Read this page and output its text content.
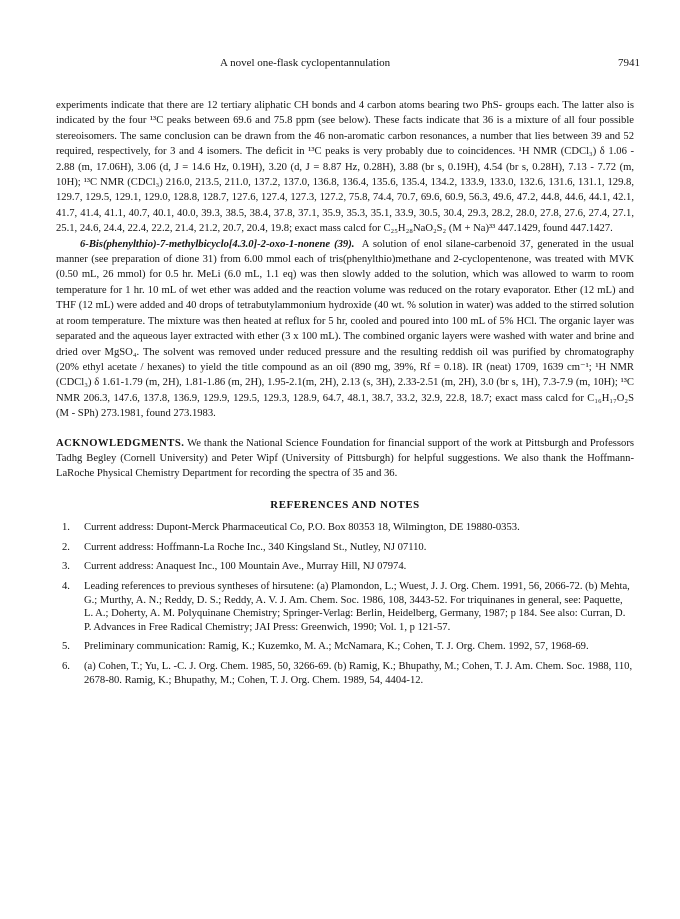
A novel one-flask cyclopentannulation	7941

experiments indicate that there are 12 tertiary aliphatic CH bonds and 4 carbon atoms bearing two PhS- groups each. The latter also is indicated by the four ¹³C peaks between 69.6 and 75.8 ppm (see below). These facts indicate that 36 is a mixture of all four possible stereoisomers. The same conclusion can be drawn from the 46 non-aromatic carbon resonances, a number that lies between 39 and 52 required, respectively, for 3 and 4 isomers. The deficit in ¹³C peaks is very probably due to coincidences. ¹H NMR (CDCl₃) δ 1.06 - 2.88 (m, 17.06H), 3.06 (d, J = 14.6 Hz, 0.19H), 3.20 (d, J = 8.87 Hz, 0.28H), 3.88 (br s, 0.19H), 4.54 (br s, 0.28H), 7.13 - 7.72 (m, 10H); ¹³C NMR (CDCl₃) 216.0, 213.5, 211.0, 137.2, 137.0, 136.8, 136.4, 135.6, 135.4, 134.2, 133.9, 133.0, 132.6, 131.6, 131.1, 129.8, 129.7, 129.5, 129.1, 129.0, 128.8, 128.7, 127.6, 127.4, 127.3, 127.2, 75.8, 74.4, 70.7, 69.6, 60.9, 56.3, 49.6, 47.2, 44.8, 44.6, 44.1, 42.1, 41.7, 41.4, 41.1, 40.7, 40.1, 40.0, 39.3, 38.5, 38.4, 37.8, 37.1, 35.9, 35.3, 35.1, 33.9, 30.5, 30.4, 29.3, 28.2, 28.0, 27.8, 27.6, 27.4, 27.1, 25.1, 24.6, 24.4, 22.4, 22.2, 21.4, 21.2, 20.7, 20.4, 19.8; exact mass calcd for C₂₅H₂₈NaO₂S₂ (M + Na)³³ 447.1429, found 447.1427.

6-Bis(phenylthio)-7-methylbicyclo[4.3.0]-2-oxo-1-nonene (39). A solution of enol silane-carbenoid 37, generated in the usual manner (see preparation of dione 31) from 6.00 mmol each of tris(phenylthio)methane and 2-cyclopentenone, was treated with MVK (0.50 mL, 26 mmol) for 0.5 hr. MeLi (6.0 mL, 1.1 eq) was then slowly added to the solution, which was allowed to warm to room temperature for 1 hr. 10 mL of wet ether was added and the reaction volume was reduced on the rotary evaporator. Ether (12 mL) and THF (12 mL) were added and 40 drops of tetrabutylammonium hydroxide (40 wt. % solution in water) was added to the stirred solution at room temperature. The mixture was then heated at reflux for 5 hr, cooled and poured into 100 mL of 5% HCl. The organic layer was separated and the aqueous layer extracted with ether (3 x 100 mL). The combined organic layers were washed with water and brine and dried over MgSO₄. The solvent was removed under reduced pressure and the resulting reddish oil was purified by chromatography (20% ethyl acetate / hexanes) to yield the title compound as an oil (890 mg, 39%, Rf = 0.18). IR (neat) 1709, 1639 cm⁻¹; ¹H NMR (CDCl₃) δ 1.61-1.79 (m, 2H), 1.81-1.86 (m, 2H), 1.95-2.1(m, 2H), 2.13 (s, 3H), 2.33-2.51 (m, 2H), 3.0 (br s, 1H), 7.3-7.9 (m, 10H); ¹³C NMR 206.3, 147.6, 137.8, 136.9, 129.9, 129.5, 129.3, 128.9, 64.7, 48.1, 38.7, 33.2, 32.9, 22.8, 18.7; exact mass calcd for C₁₆H₁₇O₂S (M - SPh) 273.1981, found 273.1983.

ACKNOWLEDGMENTS. We thank the National Science Foundation for financial support of the work at Pittsburgh and Professors Tadhg Begley (Cornell University) and Peter Wipf (University of Pittsburgh) for helpful suggestions. We also thank the Hoffmann-LaRoche Physical Chemistry Department for recording the spectra of 35 and 36.

REFERENCES AND NOTES
1. Current address: Dupont-Merck Pharmaceutical Co, P.O. Box 80353 18, Wilmington, DE 19880-0353.
2. Current address: Hoffmann-La Roche Inc., 340 Kingsland St., Nutley, NJ 07110.
3. Current address: Anaquest Inc., 100 Mountain Ave., Murray Hill, NJ 07974.
4. Leading references to previous syntheses of hirsutene: (a) Plamondon, L.; Wuest, J. J. Org. Chem. 1991, 56, 2066-72. (b) Mehta, G.; Murthy, A. N.; Reddy, D. S.; Reddy, A. V. J. Am. Chem. Soc. 1986, 108, 3443-52. For triquinanes in general, see: Paquette, L. A.; Doherty, A. M. Polyquinane Chemistry; Springer-Verlag: Berlin, Heidelberg, Germany, 1987; p 184. See also: Curran, D. P. Advances in Free Radical Chemistry; JAI Press: Greenwich, 1990; Vol. 1, p 121-57.
5. Preliminary communication: Ramig, K.; Kuzemko, M. A.; McNamara, K.; Cohen, T. J. Org. Chem. 1992, 57, 1968-69.
6. (a) Cohen, T.; Yu, L. -C. J. Org. Chem. 1985, 50, 3266-69. (b) Ramig, K.; Bhupathy, M.; Cohen, T. J. Am. Chem. Soc. 1988, 110, 2678-80. Ramig, K.; Bhupathy, M.; Cohen, T. J. Org. Chem. 1989, 54, 4404-12.
